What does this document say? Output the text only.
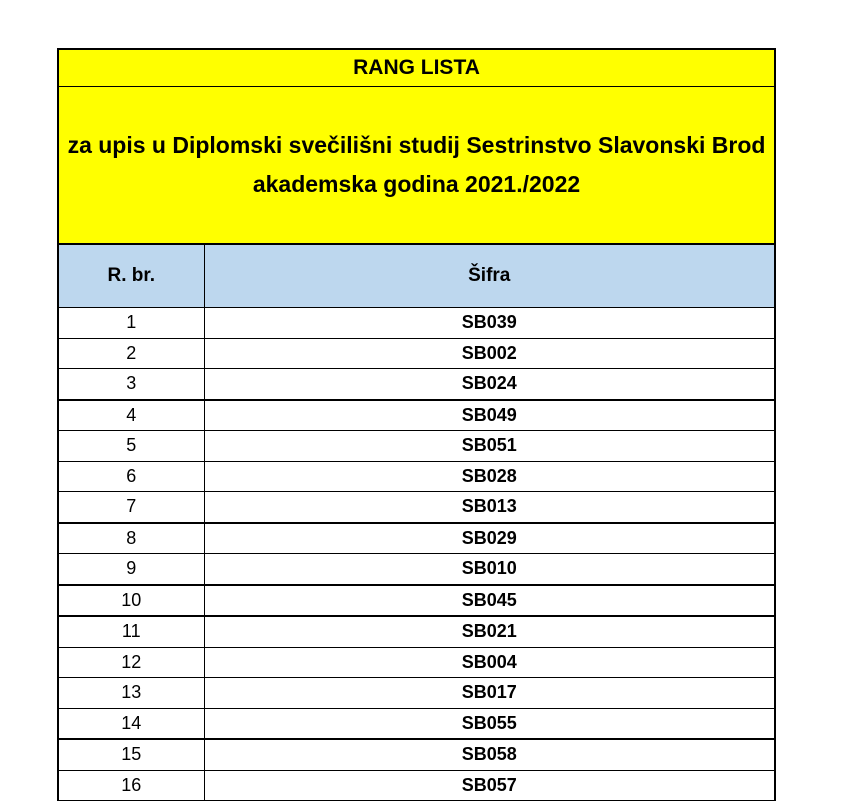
RANG LISTA
za upis u Diplomski svečilišni studij Sestrinstvo Slavonski Brod akademska godina 2021./2022
R. br.	Šifra
1	SB039
2	SB002
3	SB024
4	SB049
5	SB051
6	SB028
7	SB013
8	SB029
9	SB010
10	SB045
11	SB021
12	SB004
13	SB017
14	SB055
15	SB058
16	SB057
